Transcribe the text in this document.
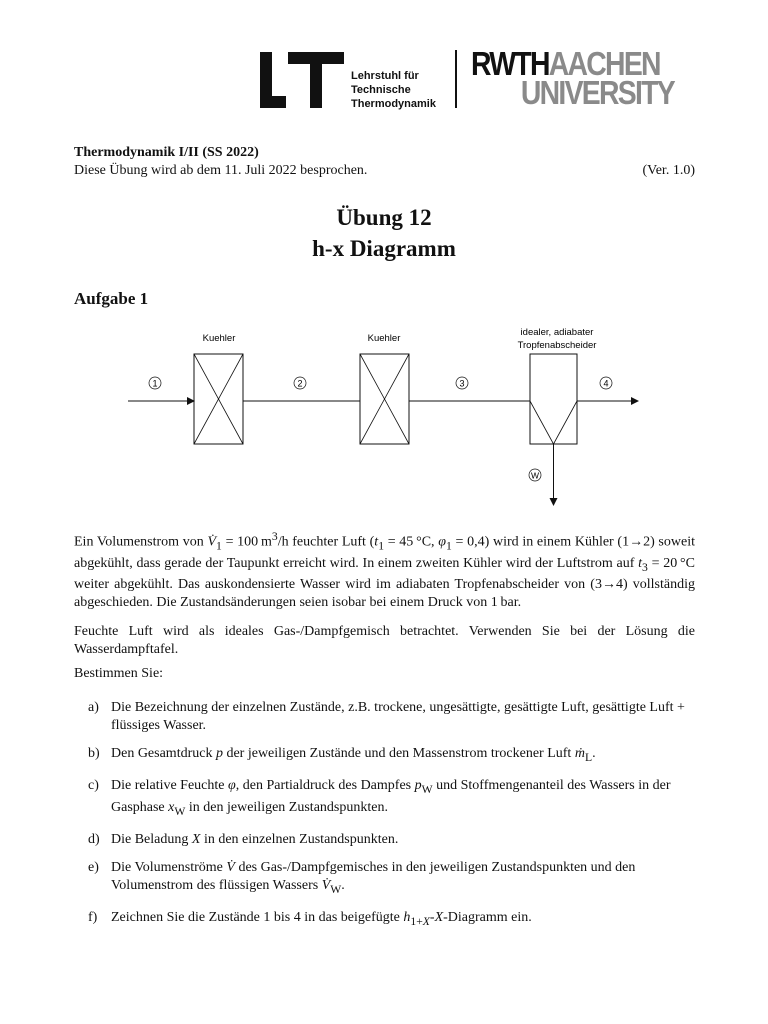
Lehrstuhl für
Technische
Thermodynamik
RWTHAACHEN
UNIVERSITY
Thermodynamik I/II (SS 2022)
Diese Übung wird ab dem 11. Juli 2022 besprochen.	(Ver. 1.0)
Übung 12
h-x Diagramm
Aufgabe 1
Kuehler	Kuehler
idealer, adiabater
Tropfenabscheider
1	2	3	4
W
Ein Volumenstrom von $V̇_1 = 100$ $m^3/h$ feuchter Luft ($t_1 = 45$ °C, $\varphi_1 = 0,4$) wird in einem Kühler (1→2) soweit abgekühlt, dass gerade der Taupunkt erreicht wird. In einem zweiten Kühler wird der Luftstrom auf $t_3 = 20$ °C weiter abgekühlt. Das auskondensierte Wasser wird im adiabaten Tropfenabscheider von (3→4) vollständig abgeschieden. Die Zustandsänderungen seien isobar bei einem Druck von 1 bar.
Feuchte Luft wird als ideales Gas-/Dampfgemisch betrachtet. Verwenden Sie bei der Lösung die Wasserdampftafel.
Bestimmen Sie:
a) Die Bezeichnung der einzelnen Zustände, z.B. trockene, ungesättigte, gesättigte Luft, gesättigte Luft + flüssiges Wasser.
b) Den Gesamtdruck p der jeweiligen Zustände und den Massenstrom trockener Luft $ṁ_L$.
c) Die relative Feuchte φ, den Partialdruck des Dampfes $p_W$ und Stoffmengenanteil des Wassers in der Gasphase $x_W$ in den jeweiligen Zustandspunkten.
d) Die Beladung X in den einzelnen Zustandspunkten.
e) Die Volumenströme V̇ des Gas-/Dampfgemisches in den jeweiligen Zustandspunkten und den Volumenstrom des flüssigen Wassers $V̇_W$.
f) Zeichnen Sie die Zustände 1 bis 4 in das beigefügte $h_{1+X}-X$-Diagramm ein.
